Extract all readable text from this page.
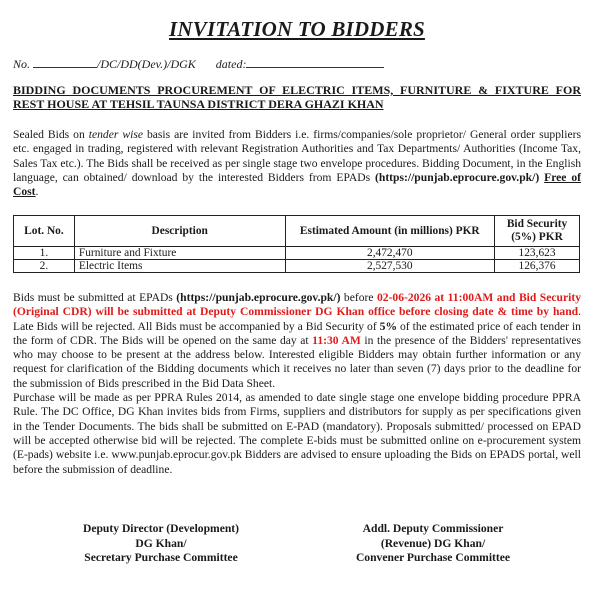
INVITATION TO BIDDERS
No.	/DC/DD(Dev.)/DGK dated:
BIDDING DOCUMENTS PROCUREMENT OF ELECTRIC ITEMS, FURNITURE & FIXTURE FOR REST HOUSE AT TEHSIL TAUNSA DISTRICT DERA GHAZI KHAN
Sealed Bids on tender wise basis are invited from Bidders i.e. firms/companies/sole proprietor/ General order suppliers etc. engaged in trading, registered with relevant Registration Authorities and Tax Departments/ Authorities (Income Tax, Sales Tax etc.). The Bids shall be received as per single stage two envelope procedures. Bidding Document, in the English language, can obtained/ download by the interested Bidders from EPADs (https://punjab.eprocure.gov.pk/) Free of Cost.
Lot. No.	Description	Estimated Amount (in millions) PKR	Bid Security (5%) PKR
1.	Furniture and Fixture	2,472,470	123,623
2.	Electric Items	2,527,530	126,376
Bids must be submitted at EPADs (https://punjab.eprocure.gov.pk/) before 02-06-2026 at 11:00AM and Bid Security (Original CDR) will be submitted at Deputy Commissioner DG Khan office before closing date & time by hand. Late Bids will be rejected. All Bids must be accompanied by a Bid Security of 5% of the estimated price of each tender in the form of CDR. The Bids will be opened on the same day at 11:30 AM in the presence of the Bidders' representatives who may choose to be present at the address below. Interested eligible Bidders may obtain further information or any request for clarification of the Bidding documents which it receives no later than seven (7) days prior to the deadline for the submission of Bids prescribed in the Bid Data Sheet.
Purchase will be made as per PPRA Rules 2014, as amended to date single stage one envelope bidding procedure PPRA Rule. The DC Office, DG Khan invites bids from Firms, suppliers and distributors for supply as per specifications given in the Tender Documents. The bids shall be submitted on E-PAD (mandatory). Proposals submitted/ processed on EPAD will be accepted otherwise bid will be rejected. The complete E-bids must be submitted online on e-procurement system (E-pads) website i.e. www.punjab.eprocur.gov.pk Bidders are advised to ensure uploading the Bids on EPADS portal, well before the submission of deadline.
Deputy Director (Development)
DG Khan/
Secretary Purchase Committee
Addl. Deputy Commissioner
(Revenue) DG Khan/
Convener Purchase Committee
